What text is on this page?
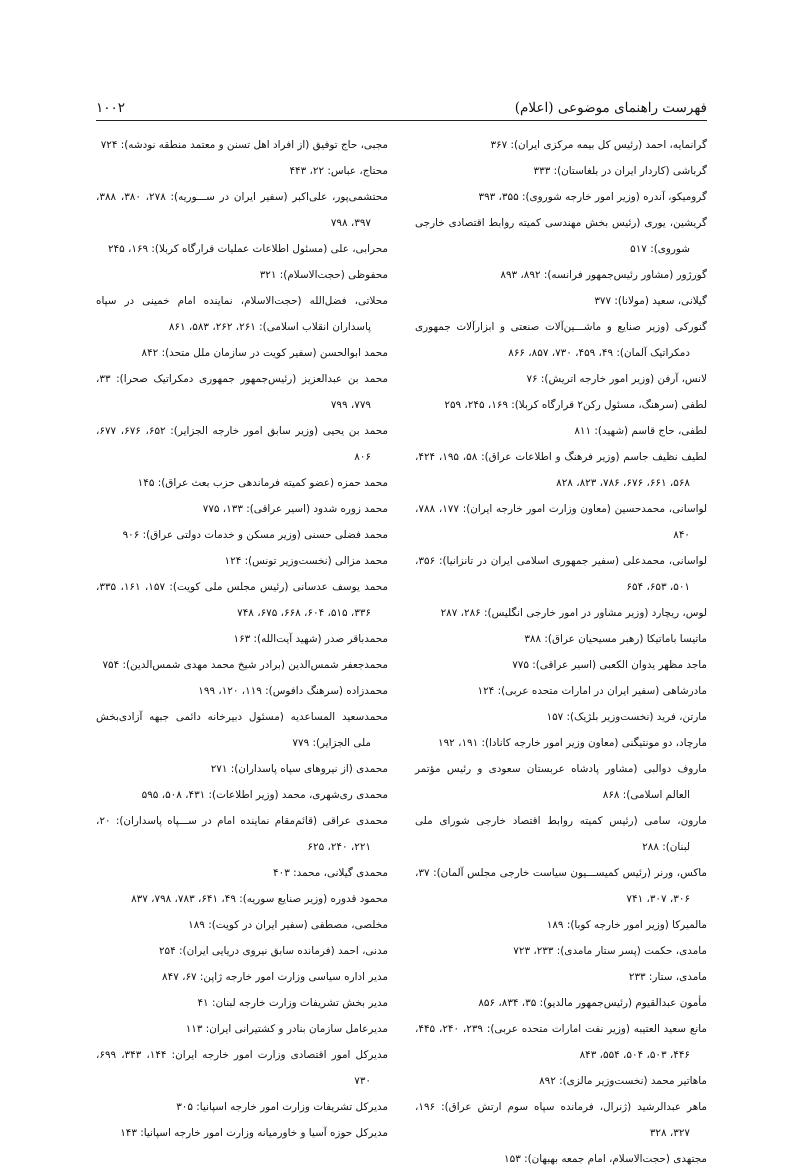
فهرست راهنمای موضوعی (اعلام)
۱۰۰۲
گرانمایه، احمد (رئیس کل بیمه مرکزی ایران): ۳۶۷
گرباشی (کاردار ایران در بلغاستان): ۳۳۳
گرومیکو، آندره (وزیر امور خارجه شوروی): ۳۵۵، ۳۹۳
گریشین، یوری (رئیس بخش مهندسی کمیته روابط اقتصادی خارجی شوروی): ۵۱۷
گورژور (مشاور رئیس‌جمهور فرانسه): ۸۹۲، ۸۹۳
گیلانی، سعید (مولانا): ۳۷۷
گنورکی (وزیر صنایع و ماشـــین‌آلات صنعتی و ابزارآلات جمهوری دمکراتیک آلمان): ۴۹، ۴۵۹، ۷۳۰، ۸۵۷، ۸۶۶
لانس، آرفن (وزیر امور خارجه اتریش): ۷۶
لطفی (سرهنگ، مسئول رکن۲ قرارگاه کربلا): ۱۶۹، ۲۴۵، ۲۵۹
لطفی، حاج قاسم (شهید): ۸۱۱
لطیف نظیف جاسم (وزیر فرهنگ و اطلاعات عراق): ۵۸، ۱۹۵، ۴۲۴، ۵۶۸، ۶۶۱، ۶۷۶، ۷۸۶، ۸۲۳، ۸۲۸
لواسانی، محمدحسین (معاون وزارت امور خارجه ایران): ۱۷۷، ۷۸۸، ۸۴۰
لواسانی، محمدعلی (سفیر جمهوری اسلامی ایران در تانزانیا): ۳۵۶، ۵۰۱، ۶۵۳، ۶۵۴
لوس، ریچارد (وزیر مشاور در امور خارجی انگلیس): ۲۸۶، ۲۸۷
ماتیسا باماتیکا (رهبر مسیحیان عراق): ۳۸۸
ماجد مظهر یدوان الکعبی (اسیر عراقی): ۷۷۵
مادرشاهی (سفیر ایران در امارات متحده عربی): ۱۲۴
مارتن، فرید (نخست‌وزیر بلژیک): ۱۵۷
مارچاد، دو مونتیگنی (معاون وزیر امور خارجه کانادا): ۱۹۱، ۱۹۲
ماروف دوالبی (مشاور پادشاه عربستان سعودی و رئیس مؤتمر العالم اسلامی): ۸۶۸
مارون، سامی (رئیس کمیته روابط اقتصاد خارجی شورای ملی لبنان): ۲۸۸
ماکس، ورنر (رئیس کمیســـیون سیاست خارجی مجلس آلمان): ۳۷، ۳۰۶، ۳۰۷، ۷۴۱
مالمیرکا (وزیر امور خارجه کوبا): ۱۸۹
مامدی، حکمت (پسر ستار مامدی): ۲۳۳، ۷۲۳
مامدی، ستار: ۲۳۳
مأمون عبدالقیوم (رئیس‌جمهور مالدیو): ۳۵، ۸۳۴، ۸۵۶
مانع سعید العتیبه (وزیر نفت امارات متحده عربی): ۲۳۹، ۲۴۰، ۴۴۵، ۴۴۶، ۵۰۳، ۵۰۴، ۵۵۴، ۸۴۳
ماهاتیر محمد (نخست‌وزیر مالزی): ۸۹۲
ماهر عبدالرشید (ژنرال، فرمانده سپاه سوم ارتش عراق): ۱۹۶، ۳۲۷، ۳۲۸
مجتهدی (حجت‌الاسلام، امام جمعه بهبهان): ۱۵۳
مجبی، حاج توفیق (از افراد اهل تسنن و معتمد منطقه نودشه): ۷۲۴
محتاج، عباس: ۲۲، ۴۴۳
محتشمی‌پور، علی‌اکبر (سفیر ایران در ســـوریه): ۲۷۸، ۳۸۰، ۳۸۸، ۳۹۷، ۷۹۸
محرابی، علی (مسئول اطلاعات عملیات قرارگاه کربلا): ۱۶۹، ۲۴۵
محفوظی (حجت‌الاسلام): ۳۲۱
محلاتی، فضل‌الله (حجت‌الاسلام، نماینده امام خمینی در سپاه پاسداران انقلاب اسلامی): ۲۶۱، ۲۶۲، ۵۸۳، ۸۶۱
محمد ابوالحسن (سفیر کویت در سازمان ملل متحد): ۸۴۲
محمد بن عبدالعزیز (رئیس‌جمهور جمهوری دمکراتیک صحرا): ۳۳، ۷۷۹، ۷۹۹
محمد بن یحیی (وزیر سابق امور خارجه الجزایر): ۶۵۲، ۶۷۶، ۶۷۷، ۸۰۶
محمد حمزه (عضو کمیته فرماندهی حزب بعث عراق): ۱۴۵
محمد زوره شدود (اسیر عراقی): ۱۳۳، ۷۷۵
محمد فضلی حسنی (وزیر مسکن و خدمات دولتی عراق): ۹۰۶
محمد مزالی (نخست‌وزیر تونس): ۱۲۴
محمد یوسف عدسانی (رئیس مجلس ملی کویت): ۱۵۷، ۱۶۱، ۳۳۵، ۳۳۶، ۵۱۵، ۶۰۴، ۶۶۸، ۶۷۵، ۷۴۸
محمدباقر صدر (شهید آیت‌الله): ۱۶۳
محمدجعفر شمس‌الدین (برادر شیخ محمد مهدی شمس‌الدین): ۷۵۴
محمدزاده (سرهنگ دافوس): ۱۱۹، ۱۲۰، ۱۹۹
محمدسعید المساعدیه (مسئول دبیرخانه دائمی جبهه آزادی‌بخش ملی الجزایر): ۷۷۹
محمدی (از نیروهای سپاه پاسداران): ۲۷۱
محمدی ری‌شهری، محمد (وزیر اطلاعات): ۴۳۱، ۵۰۸، ۵۹۵
محمدی عراقی (قائم‌مقام نماینده امام در ســـپاه پاسداران): ۲۰، ۲۲۱، ۲۴۰، ۶۲۵
محمدی گیلانی، محمد: ۴۰۳
محمود قدوره (وزیر صنایع سوریه): ۴۹، ۶۴۱، ۷۸۳، ۷۹۸، ۸۳۷
مخلصی، مصطفی (سفیر ایران در کویت): ۱۸۹
مدنی، احمد (فرمانده سابق نیروی دریایی ایران): ۲۵۴
مدیر اداره سیاسی وزارت امور خارجه ژاپن: ۶۷، ۸۴۷
مدیر بخش تشریفات وزارت خارجه لبنان: ۴۱
مدیرعامل سازمان بنادر و کشتیرانی ایران: ۱۱۳
مدیرکل امور اقتصادی وزارت امور خارجه ایران: ۱۴۴، ۳۴۳، ۶۹۹، ۷۳۰
مدیرکل تشریفات وزارت امور خارجه اسپانیا: ۳۰۵
مدیرکل حوزه آسیا و خاورمیانه وزارت امور خارجه اسپانیا: ۱۴۳
